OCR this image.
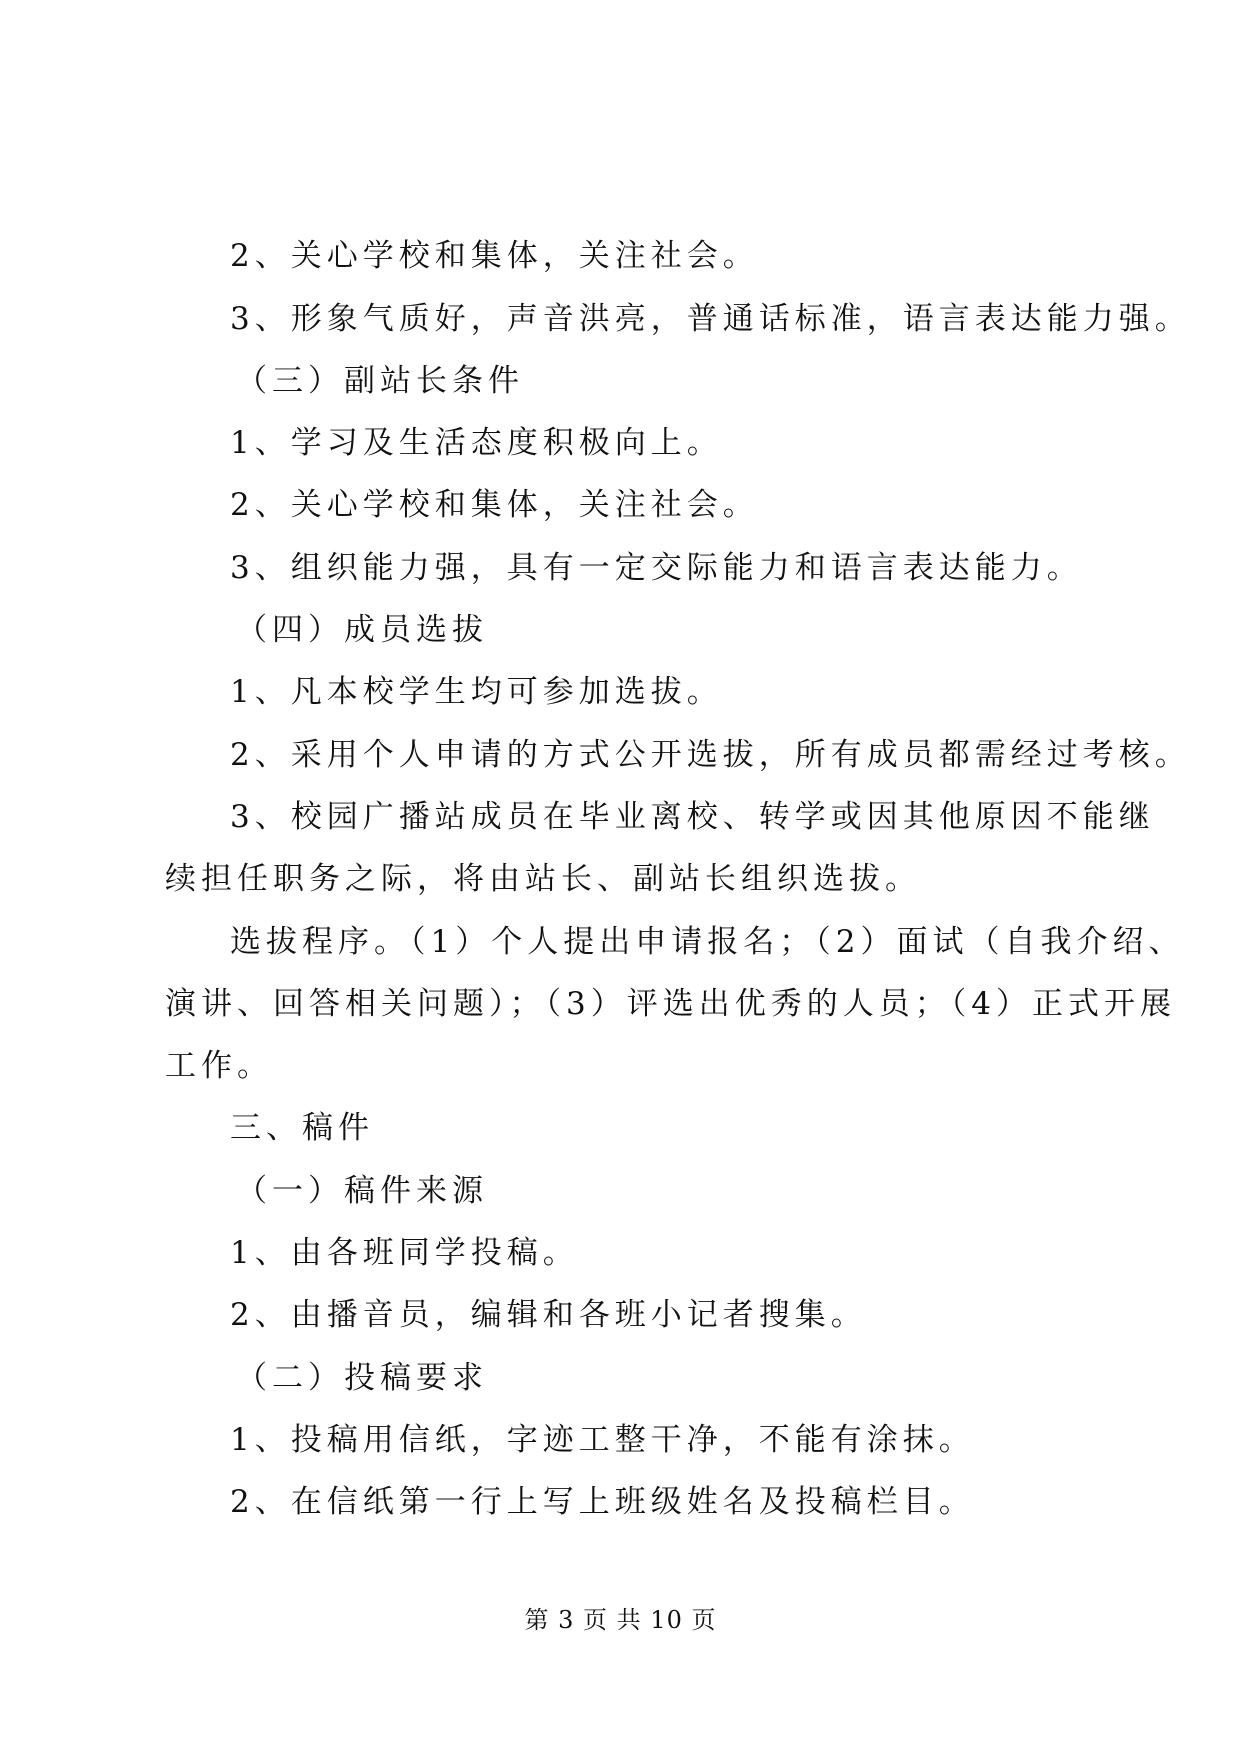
2、关心学校和集体，关注社会。
3、形象气质好，声音洪亮，普通话标准，语言表达能力强。
（三）副站长条件
1、学习及生活态度积极向上。
2、关心学校和集体，关注社会。
3、组织能力强，具有一定交际能力和语言表达能力。
（四）成员选拔
1、凡本校学生均可参加选拔。
2、采用个人申请的方式公开选拔，所有成员都需经过考核。
3、校园广播站成员在毕业离校、转学或因其他原因不能继
续担任职务之际，将由站长、副站长组织选拔。
选拔程序。（1）个人提出申请报名；（2）面试（自我介绍、
演讲、回答相关问题）；（3）评选出优秀的人员；（4）正式开展
工作。
三、稿件
（一）稿件来源
1、由各班同学投稿。
2、由播音员，编辑和各班小记者搜集。
（二）投稿要求
1、投稿用信纸，字迹工整干净，不能有涂抹。
2、在信纸第一行上写上班级姓名及投稿栏目。
第 3 页 共 10 页
